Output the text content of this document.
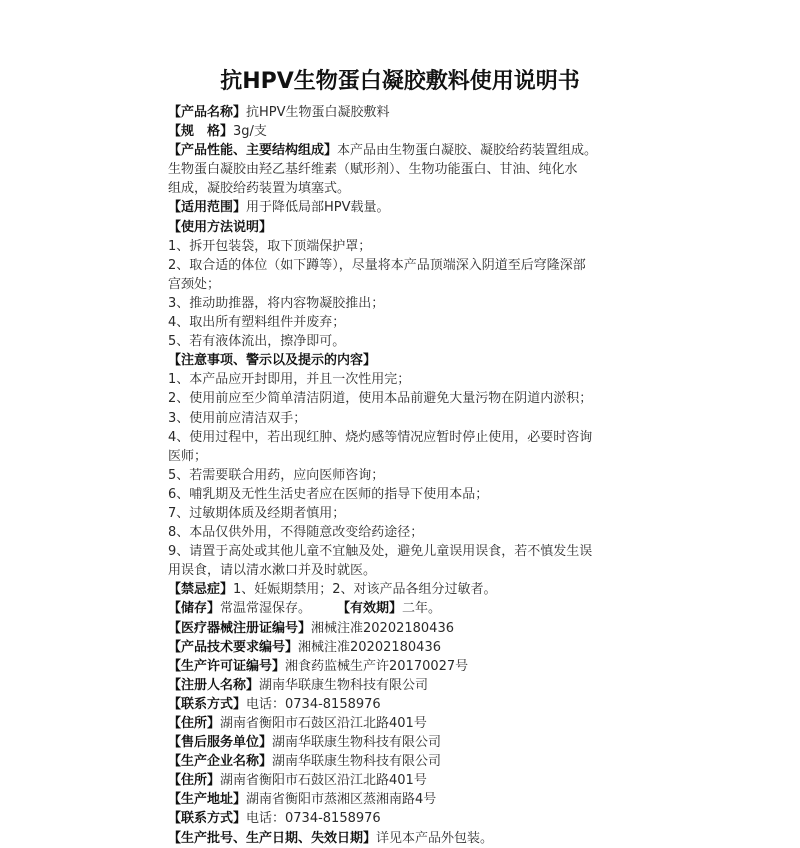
抗HPV生物蛋白凝胶敷料使用说明书
【产品名称】抗HPV生物蛋白凝胶敷料
【规　格】3g/支
【产品性能、主要结构组成】本产品由生物蛋白凝胶、凝胶给药装置组成。
生物蛋白凝胶由羟乙基纤维素（赋形剂）、生物功能蛋白、甘油、纯化水
组成，凝胶给药装置为填塞式。
【适用范围】用于降低局部HPV载量。
【使用方法说明】
1、拆开包装袋，取下顶端保护罩；
2、取合适的体位（如下蹲等），尽量将本产品顶端深入阴道至后穹隆深部
宫颈处；
3、推动助推器，将内容物凝胶推出；
4、取出所有塑料组件并废弃；
5、若有液体流出，擦净即可。
【注意事项、警示以及提示的内容】
1、本产品应开封即用，并且一次性用完；
2、使用前应至少简单清洁阴道，使用本品前避免大量污物在阴道内淤积；
3、使用前应清洁双手；
4、使用过程中，若出现红肿、烧灼感等情况应暂时停止使用，必要时咨询
医师；
5、若需要联合用药，应向医师咨询；
6、哺乳期及无性生活史者应在医师的指导下使用本品；
7、过敏期体质及经期者慎用；
8、本品仅供外用，不得随意改变给药途径；
9、请置于高处或其他儿童不宜触及处，避免儿童误用误食，若不慎发生误
用误食，请以清水漱口并及时就医。
【禁忌症】1、妊娠期禁用；2、对该产品各组分过敏者。
【储存】常温常湿保存。 【有效期】二年。
【医疗器械注册证编号】湘械注准20202180436
【产品技术要求编号】湘械注准20202180436
【生产许可证编号】湘食药监械生产许20170027号
【注册人名称】湖南华联康生物科技有限公司
【联系方式】电话：0734-8158976
【住所】湖南省衡阳市石鼓区沿江北路401号
【售后服务单位】湖南华联康生物科技有限公司
【生产企业名称】湖南华联康生物科技有限公司
【住所】湖南省衡阳市石鼓区沿江北路401号
【生产地址】湖南省衡阳市蒸湘区蒸湘南路4号
【联系方式】电话：0734-8158976
【生产批号、生产日期、失效日期】详见本产品外包装。
